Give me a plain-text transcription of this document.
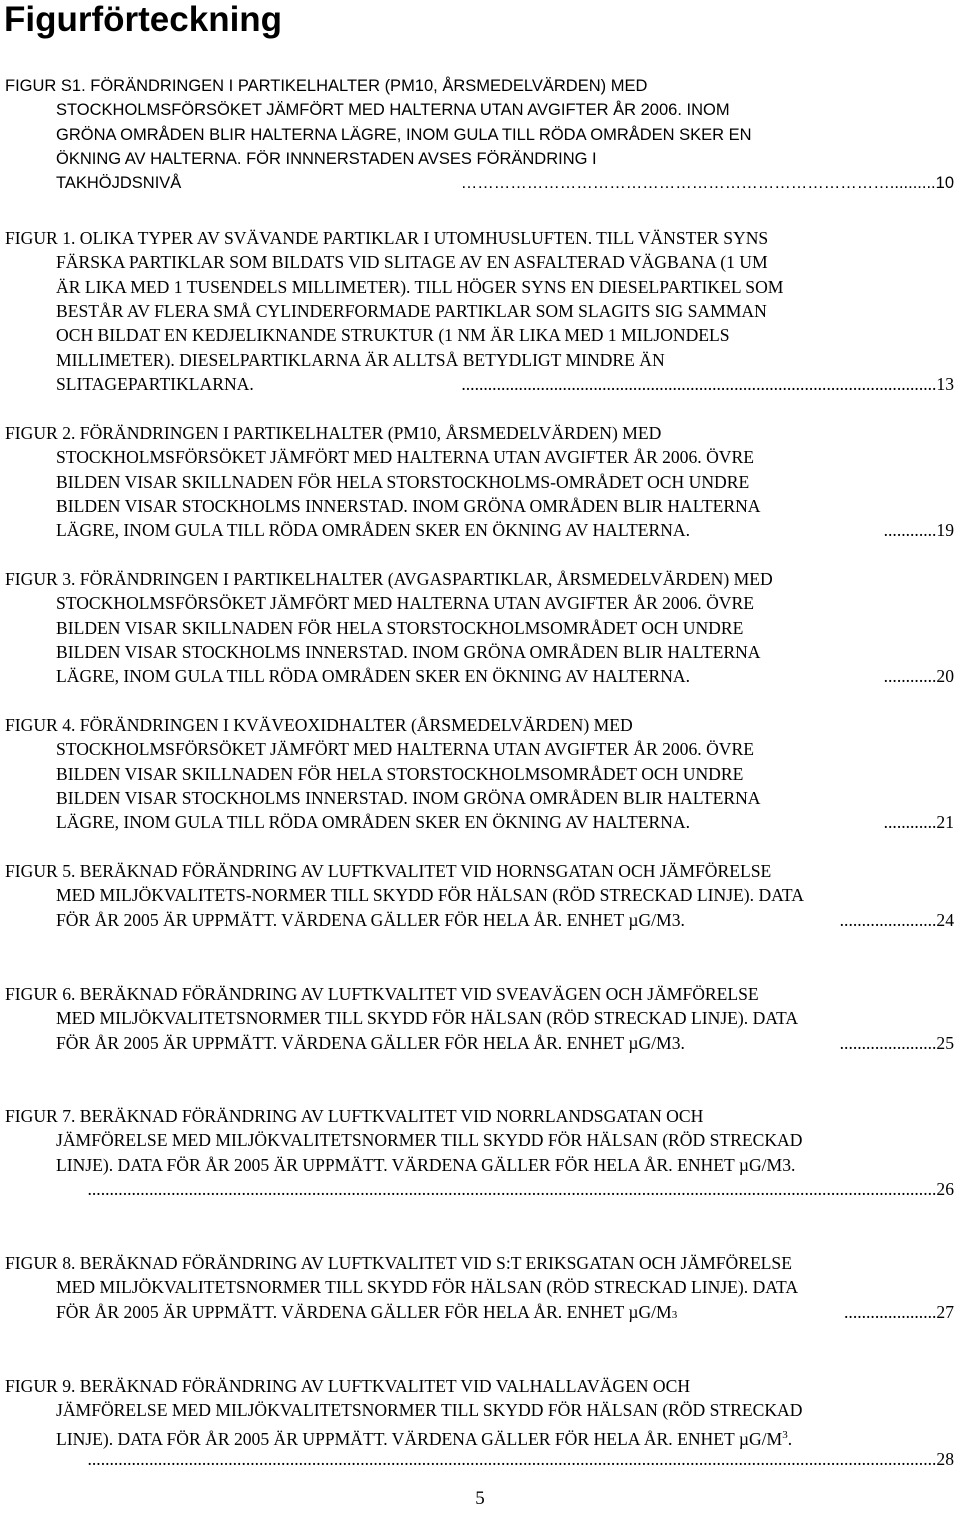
Figurförteckning
FIGUR S1. FÖRÄNDRINGEN I PARTIKELHALTER (PM10, ÅRSMEDELVÄRDEN) MED
STOCKHOLMSFÖRSÖKET JÄMFÖRT MED HALTERNA UTAN AVGIFTER ÅR 2006. INOM
GRÖNA OMRÅDEN BLIR HALTERNA LÄGRE, INOM GULA TILL RÖDA OMRÅDEN SKER EN
ÖKNING AV HALTERNA. FÖR INNNERSTADEN AVSES FÖRÄNDRING I
TAKHÖJDSNIVÅ	…………………………………………………………………….......... 10
FIGUR 1. OLIKA TYPER AV SVÄVANDE PARTIKLAR I UTOMHUSLUFTEN. TILL VÄNSTER SYNS
FÄRSKA PARTIKLAR SOM BILDATS VID SLITAGE AV EN ASFALTERAD VÄGBANA (1 UM
ÄR LIKA MED 1 TUSENDELS MILLIMETER). TILL HÖGER SYNS EN DIESELPARTIKEL SOM
BESTÅR AV FLERA SMÅ CYLINDERFORMADE PARTIKLAR SOM SLAGITS SIG SAMMAN
OCH BILDAT EN KEDJELIKNANDE STRUKTUR (1 NM ÄR LIKA MED 1 MILJONDELS
MILLIMETER). DIESELPARTIKLARNA ÄR ALLTSÅ BETYDLIGT MINDRE ÄN
SLITAGEPARTIKLARNA.	............................................................................................................ 13
FIGUR 2. FÖRÄNDRINGEN I PARTIKELHALTER (PM10, ÅRSMEDELVÄRDEN) MED
STOCKHOLMSFÖRSÖKET JÄMFÖRT MED HALTERNA UTAN AVGIFTER ÅR 2006. ÖVRE
BILDEN VISAR SKILLNADEN FÖR HELA STORSTOCKHOLMS-OMRÅDET OCH UNDRE
BILDEN VISAR STOCKHOLMS INNERSTAD. INOM GRÖNA OMRÅDEN BLIR HALTERNA
LÄGRE, INOM GULA TILL RÖDA OMRÅDEN SKER EN ÖKNING AV HALTERNA.	............ 19
FIGUR 3. FÖRÄNDRINGEN I PARTIKELHALTER (AVGASPARTIKLAR, ÅRSMEDELVÄRDEN) MED
STOCKHOLMSFÖRSÖKET JÄMFÖRT MED HALTERNA UTAN AVGIFTER ÅR 2006. ÖVRE
BILDEN VISAR SKILLNADEN FÖR HELA STORSTOCKHOLMSOMRÅDET OCH UNDRE
BILDEN VISAR STOCKHOLMS INNERSTAD. INOM GRÖNA OMRÅDEN BLIR HALTERNA
LÄGRE, INOM GULA TILL RÖDA OMRÅDEN SKER EN ÖKNING AV HALTERNA.	............ 20
FIGUR 4. FÖRÄNDRINGEN I KVÄVEOXIDHALTER (ÅRSMEDELVÄRDEN) MED
STOCKHOLMSFÖRSÖKET JÄMFÖRT MED HALTERNA UTAN AVGIFTER ÅR 2006. ÖVRE
BILDEN VISAR SKILLNADEN FÖR HELA STORSTOCKHOLMSOMRÅDET OCH UNDRE
BILDEN VISAR STOCKHOLMS INNERSTAD. INOM GRÖNA OMRÅDEN BLIR HALTERNA
LÄGRE, INOM GULA TILL RÖDA OMRÅDEN SKER EN ÖKNING AV HALTERNA.	............ 21
FIGUR 5. BERÄKNAD FÖRÄNDRING AV LUFTKVALITET VID HORNSGATAN OCH JÄMFÖRELSE
MED MILJÖKVALITETS-NORMER TILL SKYDD FÖR HÄLSAN (RÖD STRECKAD LINJE). DATA
FÖR ÅR 2005 ÄR UPPMÄTT. VÄRDENA GÄLLER FÖR HELA ÅR. ENHET µG/M3.	...................... 24
FIGUR 6. BERÄKNAD FÖRÄNDRING AV LUFTKVALITET VID SVEAVÄGEN OCH JÄMFÖRELSE
MED MILJÖKVALITETSNORMER TILL SKYDD FÖR HÄLSAN (RÖD STRECKAD LINJE). DATA
FÖR ÅR 2005 ÄR UPPMÄTT. VÄRDENA GÄLLER FÖR HELA ÅR. ENHET µG/M3.	...................... 25
FIGUR 7. BERÄKNAD FÖRÄNDRING AV LUFTKVALITET VID NORRLANDSGATAN OCH
JÄMFÖRELSE MED MILJÖKVALITETSNORMER TILL SKYDD FÖR HÄLSAN (RÖD STRECKAD
LINJE). DATA FÖR ÅR 2005 ÄR UPPMÄTT. VÄRDENA GÄLLER FÖR HELA ÅR. ENHET µG/M3.
................................................................................................................................................................................................. 26
FIGUR 8. BERÄKNAD FÖRÄNDRING AV LUFTKVALITET VID S:T ERIKSGATAN OCH JÄMFÖRELSE
MED MILJÖKVALITETSNORMER TILL SKYDD FÖR HÄLSAN (RÖD STRECKAD LINJE). DATA
FÖR ÅR 2005 ÄR UPPMÄTT. VÄRDENA GÄLLER FÖR HELA ÅR. ENHET µG/M 3	..................... 27
FIGUR 9. BERÄKNAD FÖRÄNDRING AV LUFTKVALITET VID VALHALLAVÄGEN OCH
JÄMFÖRELSE MED MILJÖKVALITETSNORMER TILL SKYDD FÖR HÄLSAN (RÖD STRECKAD
LINJE). DATA FÖR ÅR 2005 ÄR UPPMÄTT. VÄRDENA GÄLLER FÖR HELA ÅR. ENHET $\mu G/M^3$.
................................................................................................................................................................................................. 28
5
